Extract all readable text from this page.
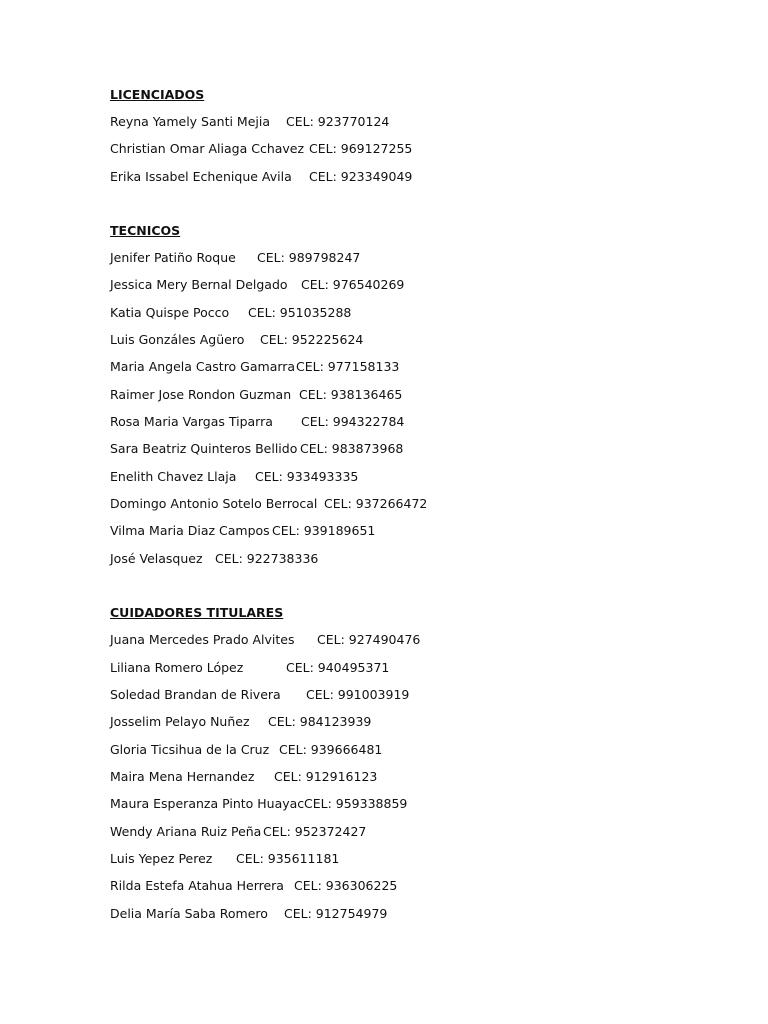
LICENCIADOS
Reyna Yamely Santi Mejia CEL: 923770124
Christian Omar Aliaga Cchavez CEL: 969127255
Erika Issabel Echenique Avila CEL: 923349049
TECNICOS
Jenifer Patiño Roque CEL: 989798247
Jessica Mery Bernal Delgado CEL: 976540269
Katia Quispe Pocco CEL: 951035288
Luis Gonzáles Agüero CEL: 952225624
Maria Angela Castro Gamarra CEL: 977158133
Raimer Jose Rondon Guzman CEL: 938136465
Rosa Maria Vargas Tiparra CEL: 994322784
Sara Beatriz Quinteros Bellido CEL: 983873968
Enelith Chavez Llaja CEL: 933493335
Domingo Antonio Sotelo Berrocal CEL: 937266472
Vilma Maria Diaz Campos CEL: 939189651
José Velasquez CEL: 922738336
CUIDADORES TITULARES
Juana Mercedes Prado Alvites CEL: 927490476
Liliana Romero López	CEL: 940495371
Soledad Brandan de Rivera CEL: 991003919
Josselim Pelayo Nuñez CEL: 984123939
Gloria Ticsihua de la Cruz CEL: 939666481
Maira Mena Hernandez CEL: 912916123
Maura Esperanza Pinto Huayac CEL: 959338859
Wendy Ariana Ruiz Peña CEL: 952372427
Luis Yepez Perez CEL: 935611181
Rilda Estefa Atahua Herrera CEL: 936306225
Delia María Saba Romero CEL: 912754979
